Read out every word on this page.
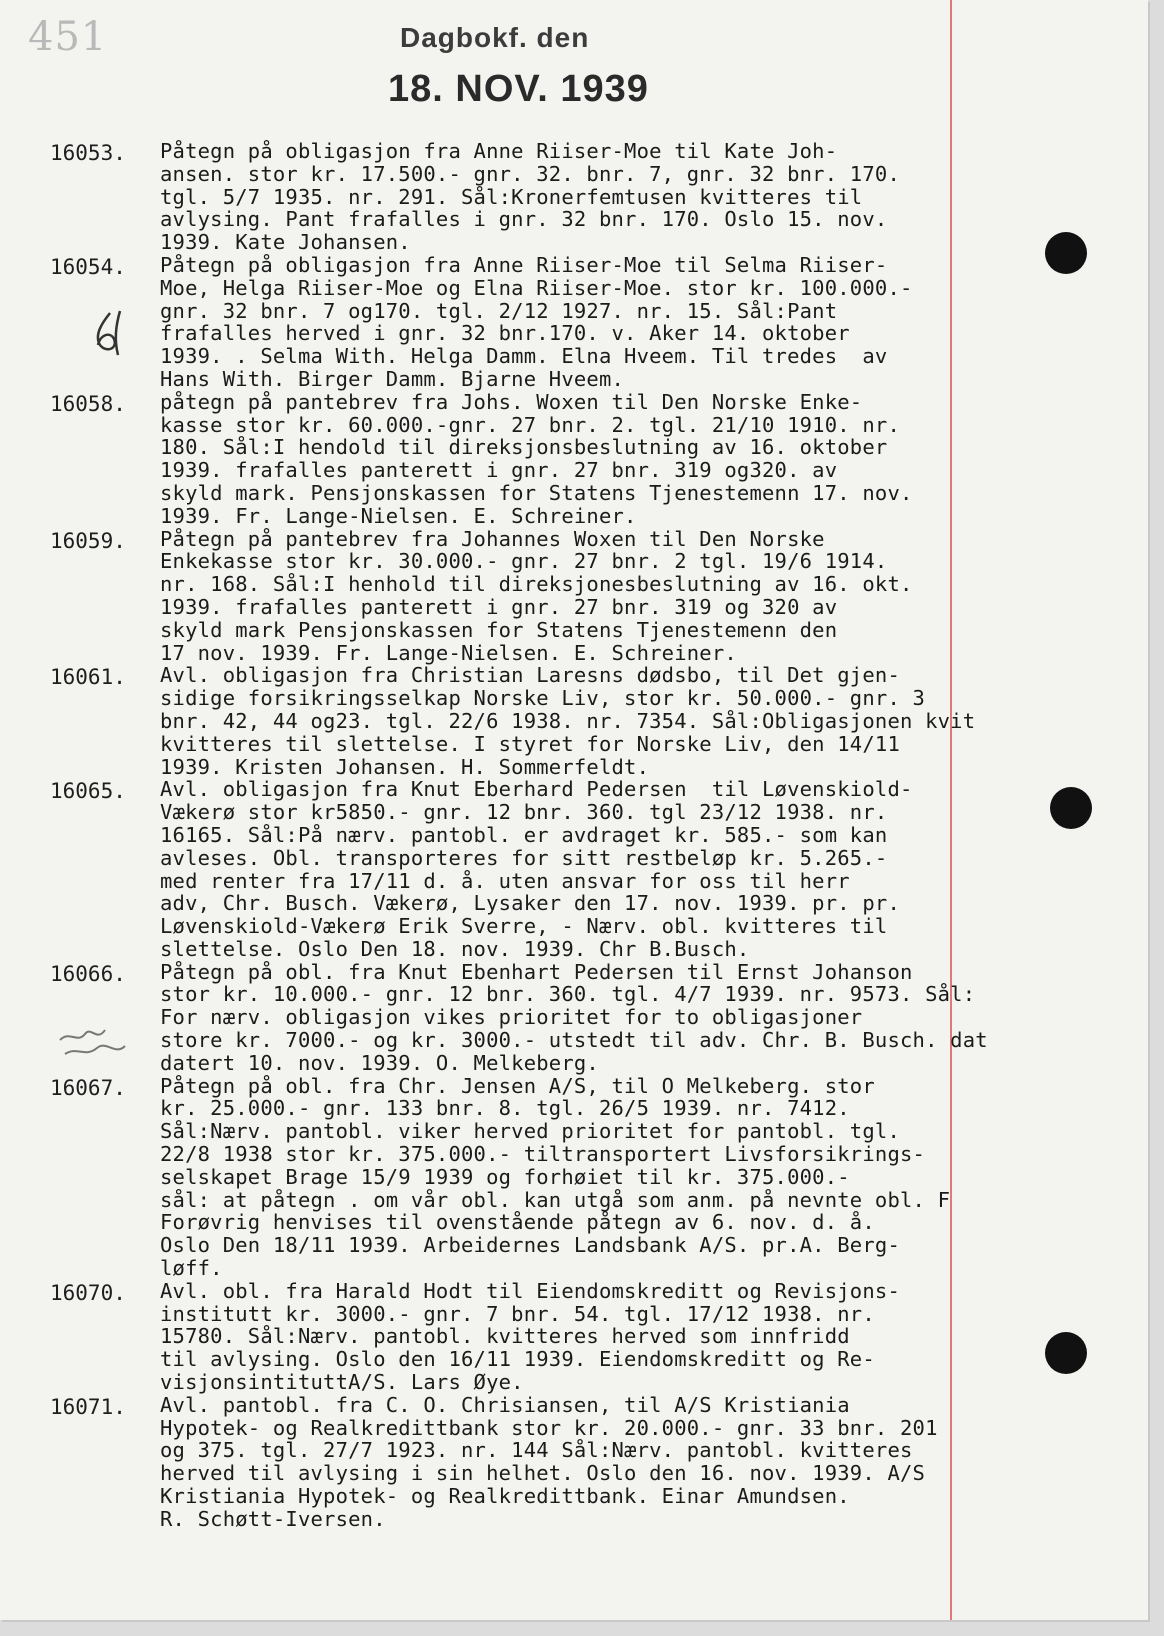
451	Dagbokf. den
18. NOV. 1939
16053.	Påtegn på obligasjon fra Anne Riiser-Moe til Kate Joh-
ansen. stor kr. 17.500.- gnr. 32. bnr. 7, gnr. 32 bnr. 170.
tgl. 5/7 1935. nr. 291. Sål:Kronerfemtusen kvitteres til
avlysing. Pant frafalles i gnr. 32 bnr. 170. Oslo 15. nov.
1939. Kate Johansen.
16054.	Påtegn på obligasjon fra Anne Riiser-Moe til Selma Riiser-
Moe, Helga Riiser-Moe og Elna Riiser-Moe. stor kr. 100.000.-
gnr. 32 bnr. 7 og170. tgl. 2/12 1927. nr. 15. Sål:Pant
frafalles herved i gnr. 32 bnr.170. v. Aker 14. oktober
1939. . Selma With. Helga Damm. Elna Hveem. Til tredes  av
Hans With. Birger Damm. Bjarne Hveem.
16058.	påtegn på pantebrev fra Johs. Woxen til Den Norske Enke-
kasse stor kr. 60.000.-gnr. 27 bnr. 2. tgl. 21/10 1910. nr.
180. Sål:I hendold til direksjonsbeslutning av 16. oktober
1939. frafalles panterett i gnr. 27 bnr. 319 og320. av
skyld mark. Pensjonskassen for Statens Tjenestemenn 17. nov.
1939. Fr. Lange-Nielsen. E. Schreiner.
16059.	Påtegn på pantebrev fra Johannes Woxen til Den Norske
Enkekasse stor kr. 30.000.- gnr. 27 bnr. 2 tgl. 19/6 1914.
nr. 168. Sål:I henhold til direksjonesbeslutning av 16. okt.
1939. frafalles panterett i gnr. 27 bnr. 319 og 320 av
skyld mark Pensjonskassen for Statens Tjenestemenn den
17 nov. 1939. Fr. Lange-Nielsen. E. Schreiner.
16061.	Avl. obligasjon fra Christian Laresns dødsbo, til Det gjen-
sidige forsikringsselkap Norske Liv, stor kr. 50.000.- gnr. 3
bnr. 42, 44 og23. tgl. 22/6 1938. nr. 7354. Sål:Obligasjonen kvit
kvitteres til slettelse. I styret for Norske Liv, den 14/11
1939. Kristen Johansen. H. Sommerfeldt.
16065.	Avl. obligasjon fra Knut Eberhard Pedersen  til Løvenskiold-
Vækerø stor kr5850.- gnr. 12 bnr. 360. tgl 23/12 1938. nr.
16165. Sål:På nærv. pantobl. er avdraget kr. 585.- som kan
avleses. Obl. transporteres for sitt restbeløp kr. 5.265.-
med renter fra 17/11 d. å. uten ansvar for oss til herr
adv, Chr. Busch. Vækerø, Lysaker den 17. nov. 1939. pr. pr.
Løvenskiold-Vækerø Erik Sverre, - Nærv. obl. kvitteres til
slettelse. Oslo Den 18. nov. 1939. Chr B.Busch.
16066.	Påtegn på obl. fra Knut Ebenhart Pedersen til Ernst Johanson
stor kr. 10.000.- gnr. 12 bnr. 360. tgl. 4/7 1939. nr. 9573. Sål:
For nærv. obligasjon vikes prioritet for to obligasjoner
store kr. 7000.- og kr. 3000.- utstedt til adv. Chr. B. Busch. dat
datert 10. nov. 1939. O. Melkeberg.
16067.	Påtegn på obl. fra Chr. Jensen A/S, til O Melkeberg. stor
kr. 25.000.- gnr. 133 bnr. 8. tgl. 26/5 1939. nr. 7412.
Sål:Nærv. pantobl. viker herved prioritet for pantobl. tgl.
22/8 1938 stor kr. 375.000.- tiltransportert Livsforsikrings-
selskapet Brage 15/9 1939 og forhøiet til kr. 375.000.-
sål: at påtegn . om vår obl. kan utgå som anm. på nevnte obl. F
Forøvrig henvises til ovenstående påtegn av 6. nov. d. å.
Oslo Den 18/11 1939. Arbeidernes Landsbank A/S. pr.A. Berg-
løff.
16070.	Avl. obl. fra Harald Hodt til Eiendomskreditt og Revisjons-
institutt kr. 3000.- gnr. 7 bnr. 54. tgl. 17/12 1938. nr.
15780. Sål:Nærv. pantobl. kvitteres herved som innfridd
til avlysing. Oslo den 16/11 1939. Eiendomskreditt og Re-
visjonsintituttA/S. Lars Øye.
16071.	Avl. pantobl. fra C. O. Chrisiansen, til A/S Kristiania
Hypotek- og Realkredittbank stor kr. 20.000.- gnr. 33 bnr. 201
og 375. tgl. 27/7 1923. nr. 144 Sål:Nærv. pantobl. kvitteres
herved til avlysing i sin helhet. Oslo den 16. nov. 1939. A/S
Kristiania Hypotek- og Realkredittbank. Einar Amundsen.
R. Schøtt-Iversen.
